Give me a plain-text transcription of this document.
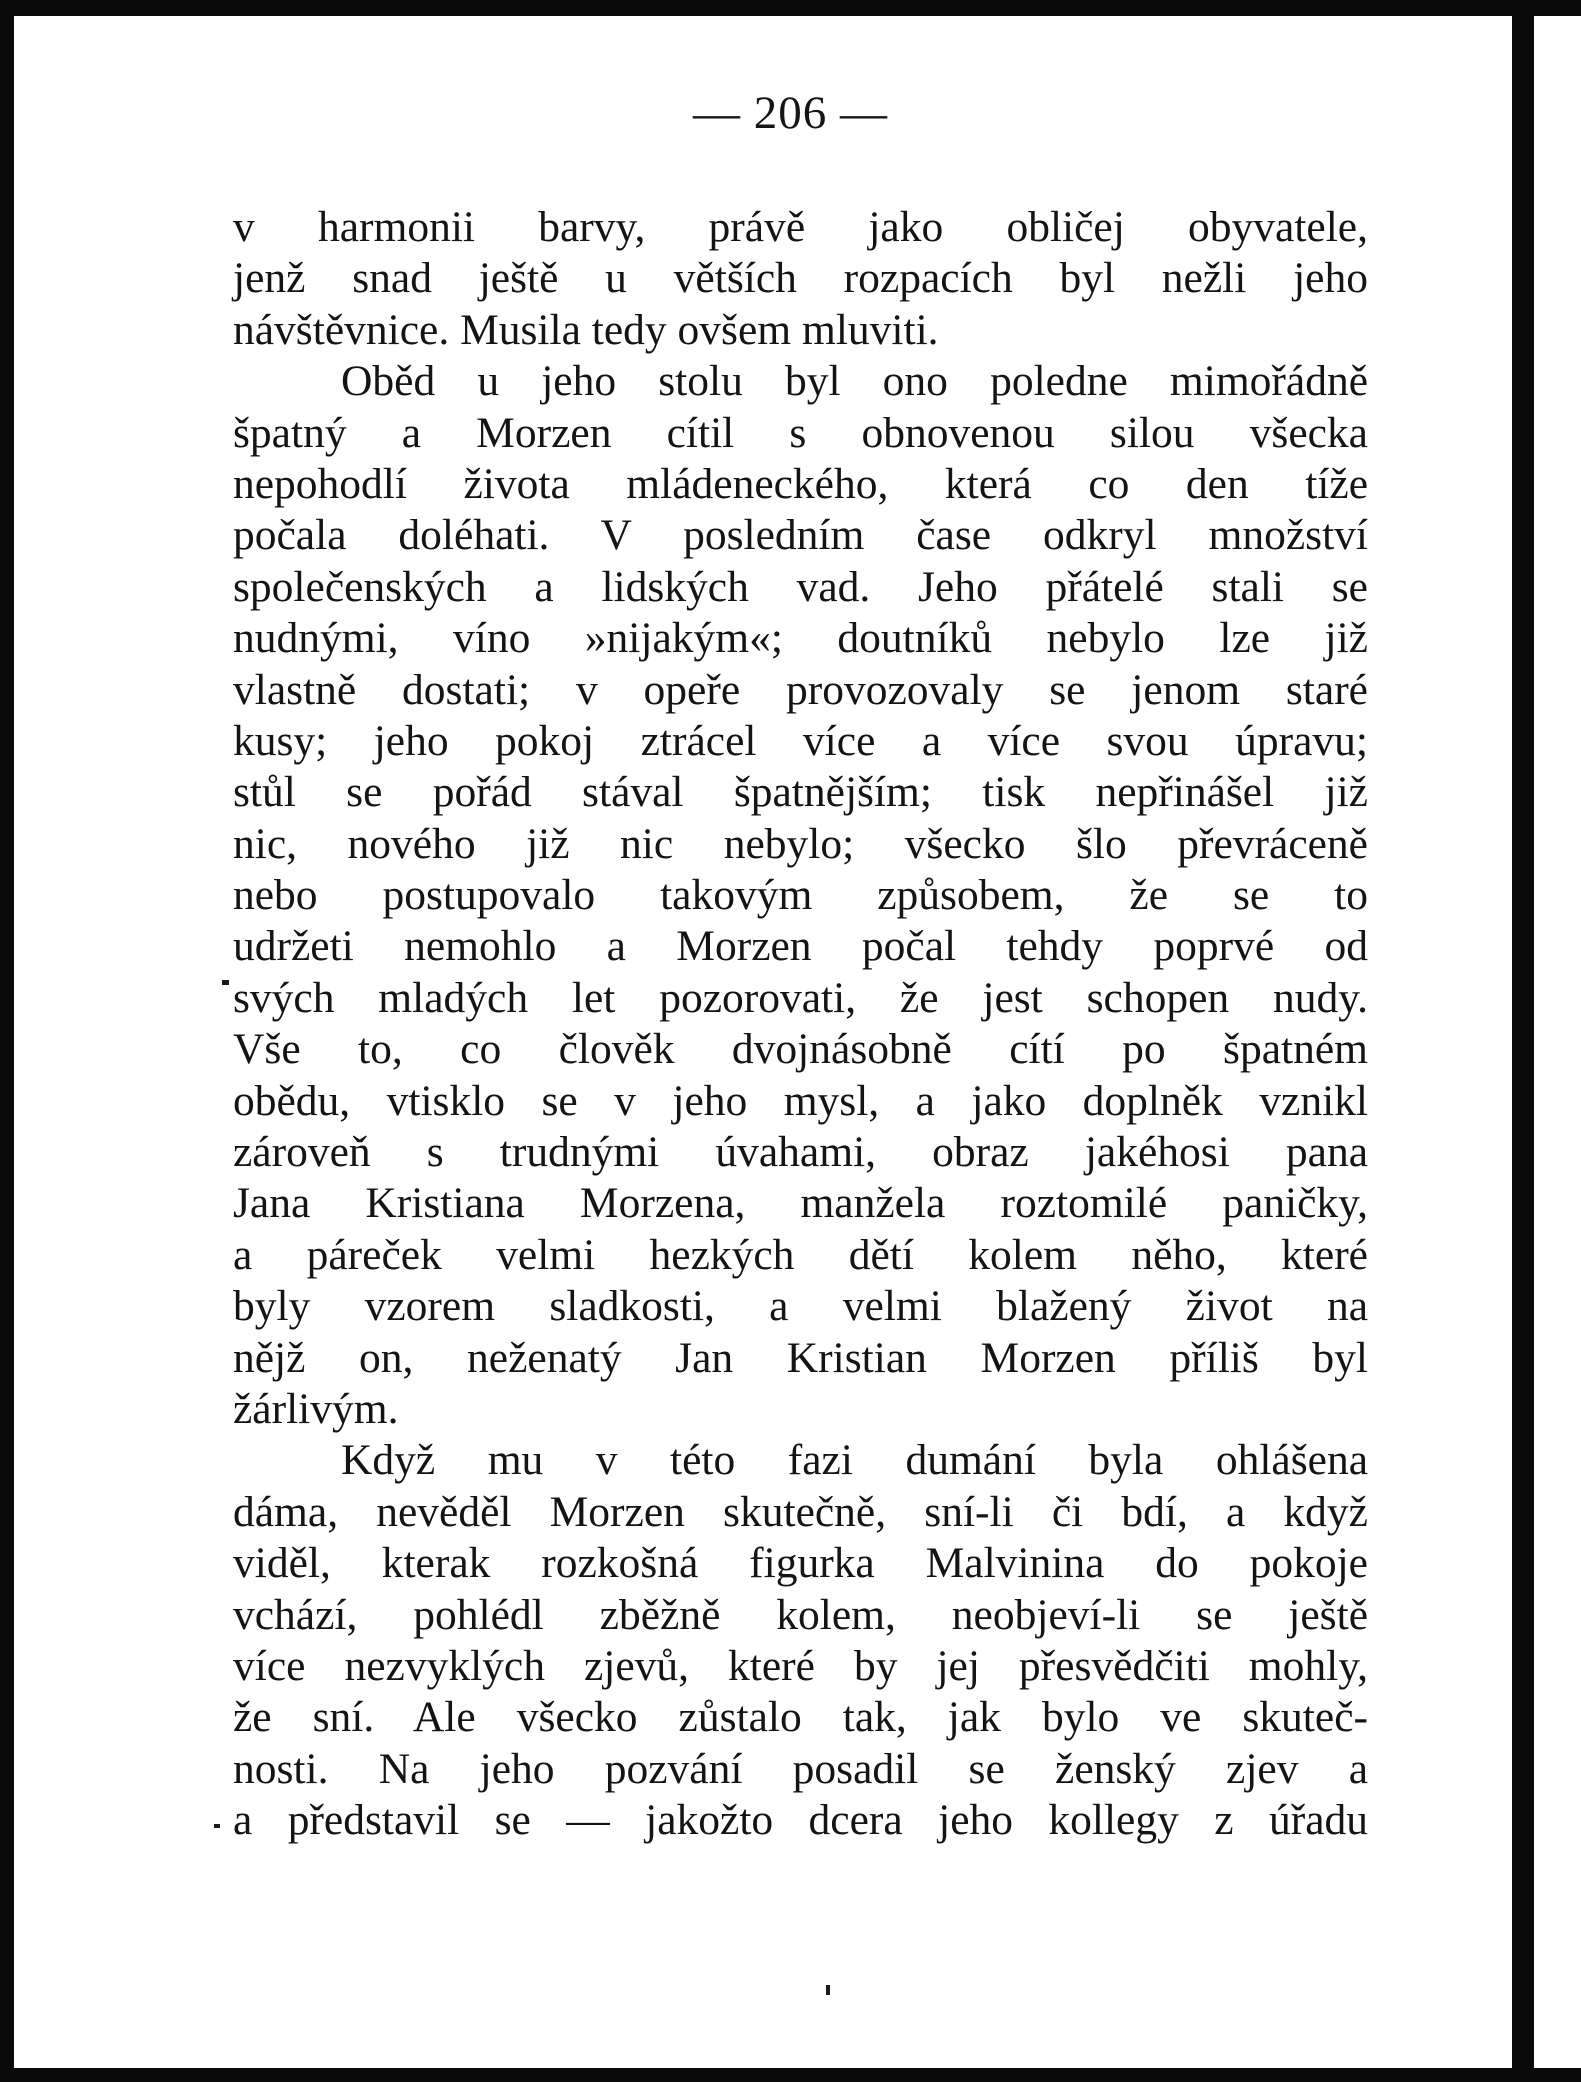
— 206 —
v harmonii barvy, právě jako obličej obyvatele,
jenž snad ještě u větších rozpacích byl nežli jeho
návštěvnice. Musila tedy ovšem mluviti.
Oběd u jeho stolu byl ono poledne mimořádně
špatný a Morzen cítil s obnovenou silou všecka
nepohodlí života mládeneckého, která co den tíže
počala doléhati. V posledním čase odkryl množství
společenských a lidských vad. Jeho přátelé stali se
nudnými, víno »nijakým«; doutníků nebylo lze již
vlastně dostati; v opeře provozovaly se jenom staré
kusy; jeho pokoj ztrácel více a více svou úpravu;
stůl se pořád stával špatnějším; tisk nepřinášel již
nic, nového již nic nebylo; všecko šlo převráceně
nebo postupovalo takovým způsobem, že se to
udržeti nemohlo a Morzen počal tehdy poprvé od
svých mladých let pozorovati, že jest schopen nudy.
Vše to, co člověk dvojnásobně cítí po špatném
obědu, vtisklo se v jeho mysl, a jako doplněk vznikl
zároveň s trudnými úvahami, obraz jakéhosi pana
Jana Kristiana Morzena, manžela roztomilé paničky,
a páreček velmi hezkých dětí kolem něho, které
byly vzorem sladkosti, a velmi blažený život na
nějž on, neženatý Jan Kristian Morzen příliš byl
žárlivým.
Když mu v této fazi dumání byla ohlášena
dáma, nevěděl Morzen skutečně, sní-li či bdí, a když
viděl, kterak rozkošná figurka Malvinina do pokoje
vchází, pohlédl zběžně kolem, neobjeví-li se ještě
více nezvyklých zjevů, které by jej přesvědčiti mohly,
že sní. Ale všecko zůstalo tak, jak bylo ve skuteč-
nosti. Na jeho pozvání posadil se ženský zjev a
a představil se — jakožto dcera jeho kollegy z úřadu
